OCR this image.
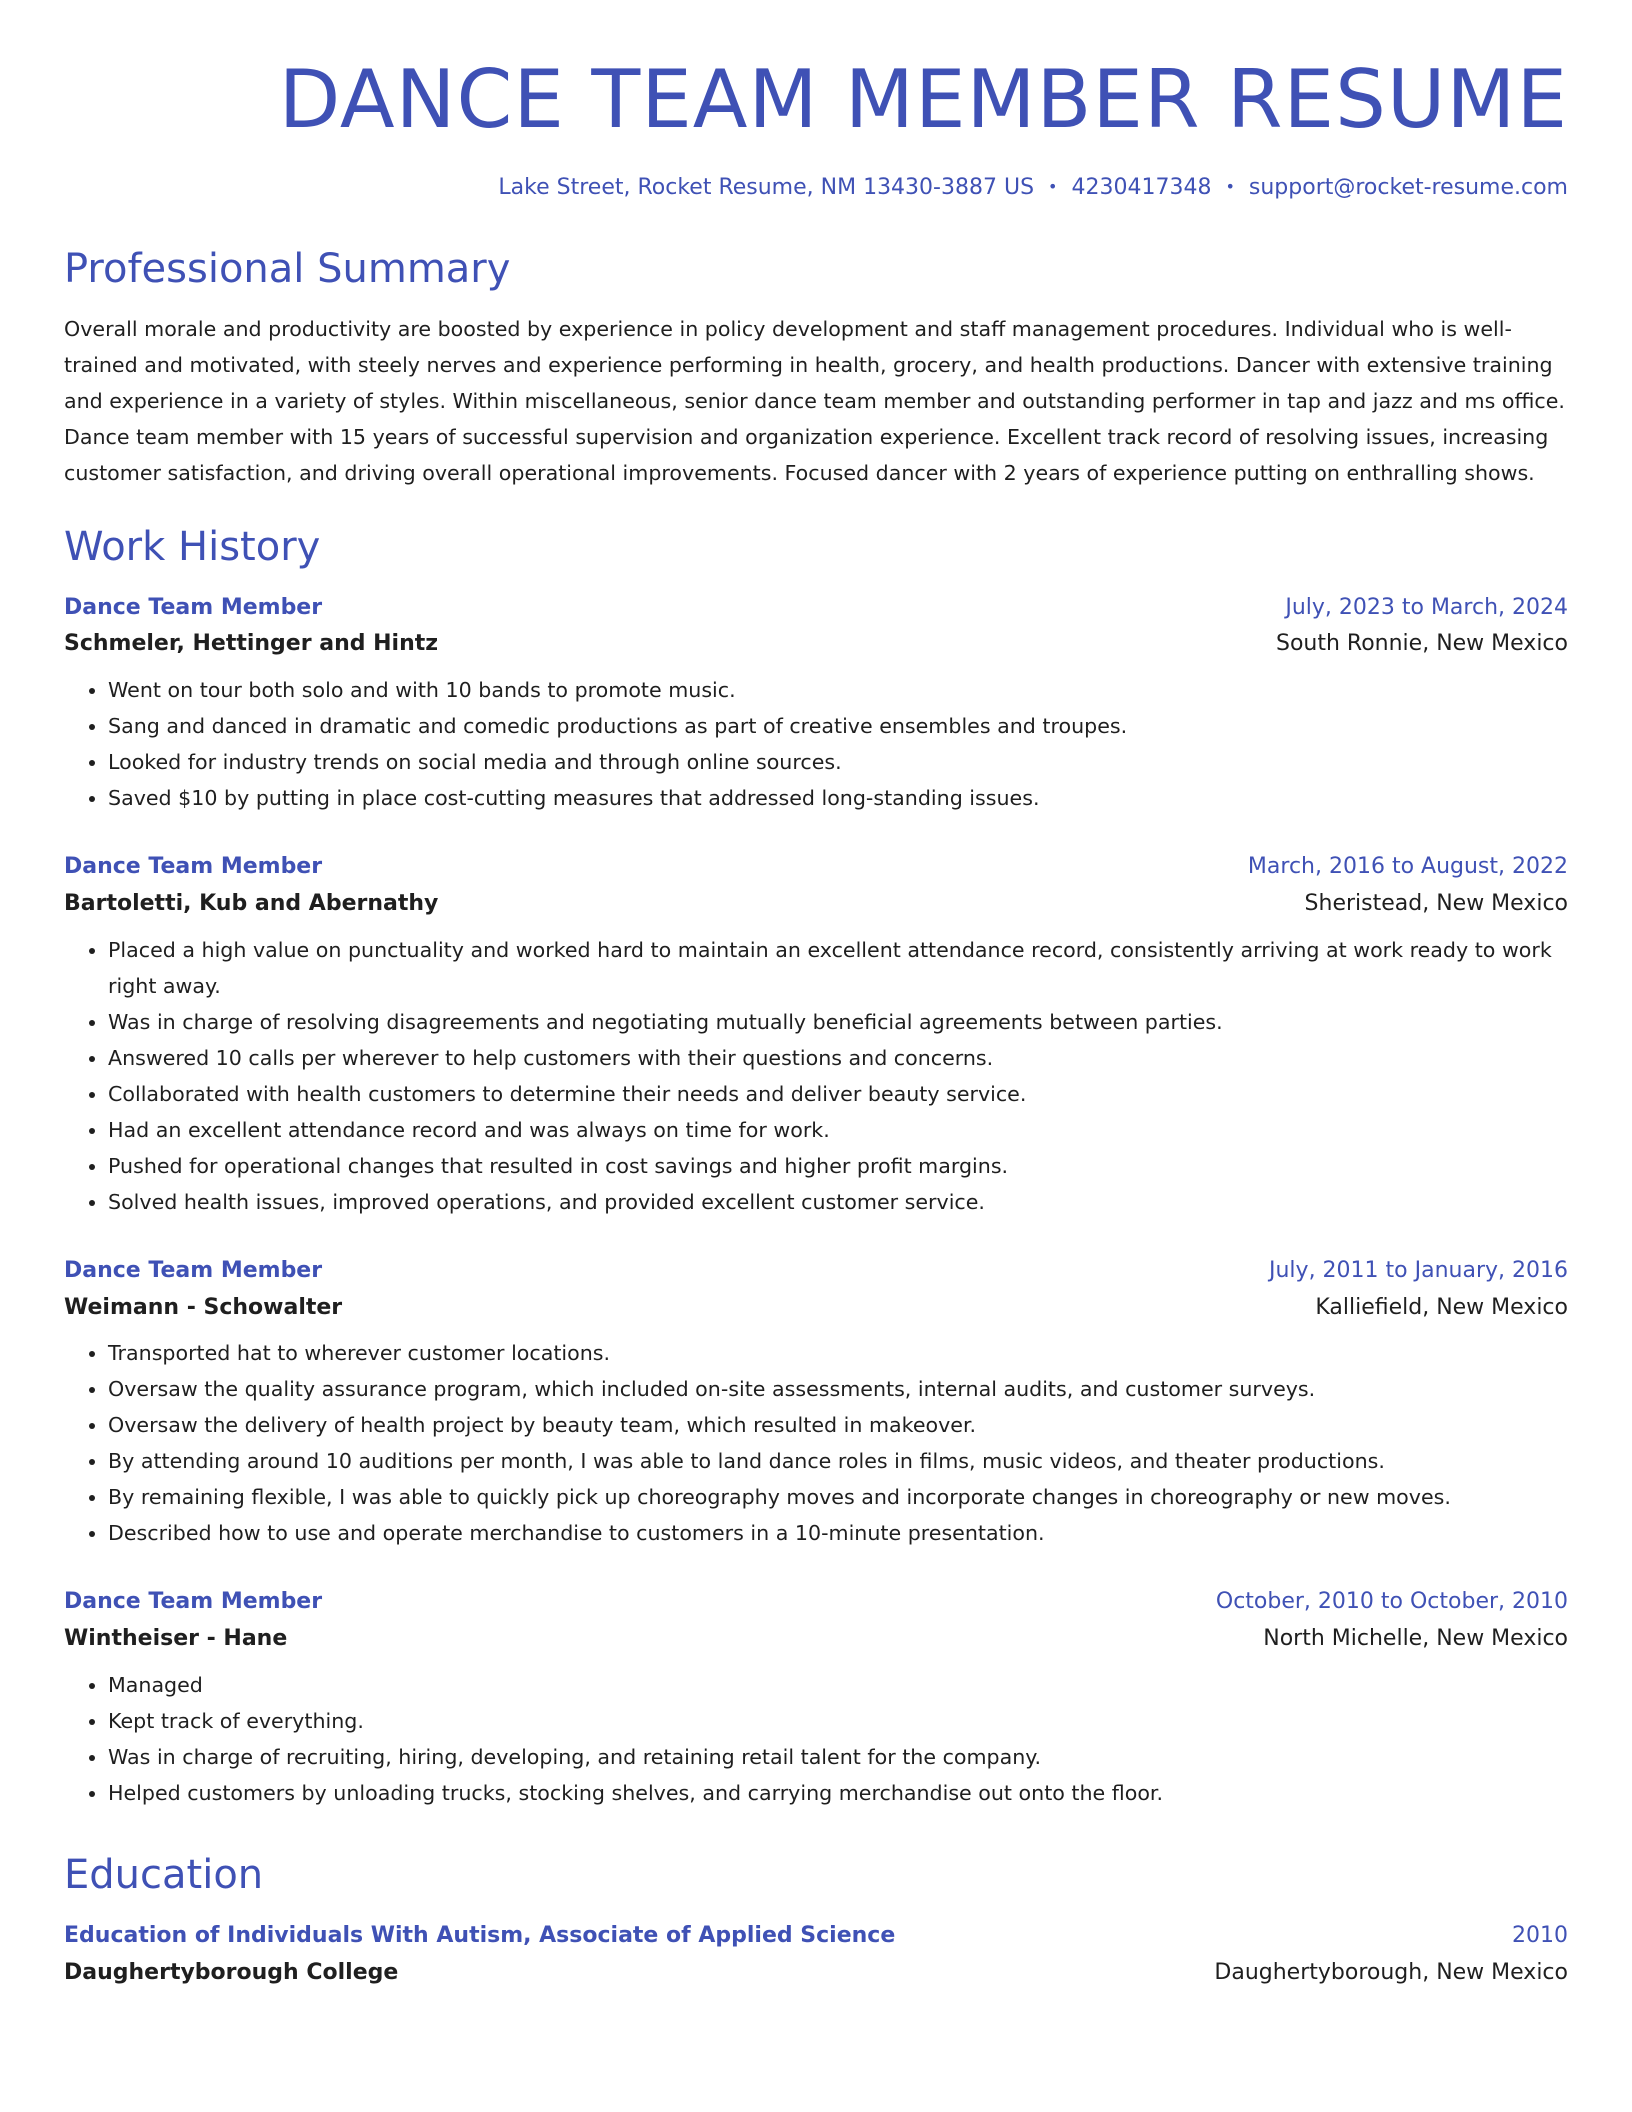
DANCE TEAM MEMBER RESUME
Lake Street, Rocket Resume, NM 13430-3887 US • 4230417348 • support@rocket-resume.com
Professional Summary

Overall morale and productivity are boosted by experience in policy development and staff management procedures. Individual who is well-trained and motivated, with steely nerves and experience performing in health, grocery, and health productions. Dancer with extensive training and experience in a variety of styles. Within miscellaneous, senior dance team member and outstanding performer in tap and jazz and ms office. Dance team member with 15 years of successful supervision and organization experience. Excellent track record of resolving issues, increasing customer satisfaction, and driving overall operational improvements. Focused dancer with 2 years of experience putting on enthralling shows.

Work History
Dance Team Member	July, 2023 to March, 2024
Schmeler, Hettinger and Hintz	South Ronnie, New Mexico
• Went on tour both solo and with 10 bands to promote music.
• Sang and danced in dramatic and comedic productions as part of creative ensembles and troupes.
• Looked for industry trends on social media and through online sources.
• Saved $10 by putting in place cost-cutting measures that addressed long-standing issues.
Dance Team Member	March, 2016 to August, 2022
Bartoletti, Kub and Abernathy	Sheristead, New Mexico
• Placed a high value on punctuality and worked hard to maintain an excellent attendance record, consistently arriving at work ready to work right away.
• Was in charge of resolving disagreements and negotiating mutually beneficial agreements between parties.
• Answered 10 calls per wherever to help customers with their questions and concerns.
• Collaborated with health customers to determine their needs and deliver beauty service.
• Had an excellent attendance record and was always on time for work.
• Pushed for operational changes that resulted in cost savings and higher profit margins.
• Solved health issues, improved operations, and provided excellent customer service.
Dance Team Member	July, 2011 to January, 2016
Weimann - Schowalter	Kalliefield, New Mexico
• Transported hat to wherever customer locations.
• Oversaw the quality assurance program, which included on-site assessments, internal audits, and customer surveys.
• Oversaw the delivery of health project by beauty team, which resulted in makeover.
• By attending around 10 auditions per month, I was able to land dance roles in films, music videos, and theater productions.
• By remaining flexible, I was able to quickly pick up choreography moves and incorporate changes in choreography or new moves.
• Described how to use and operate merchandise to customers in a 10-minute presentation.
Dance Team Member	October, 2010 to October, 2010
Wintheiser - Hane	North Michelle, New Mexico
• Managed
• Kept track of everything.
• Was in charge of recruiting, hiring, developing, and retaining retail talent for the company.
• Helped customers by unloading trucks, stocking shelves, and carrying merchandise out onto the floor.
Education
Education of Individuals With Autism, Associate of Applied Science	2010
Daughertyborough College	Daughertyborough, New Mexico
